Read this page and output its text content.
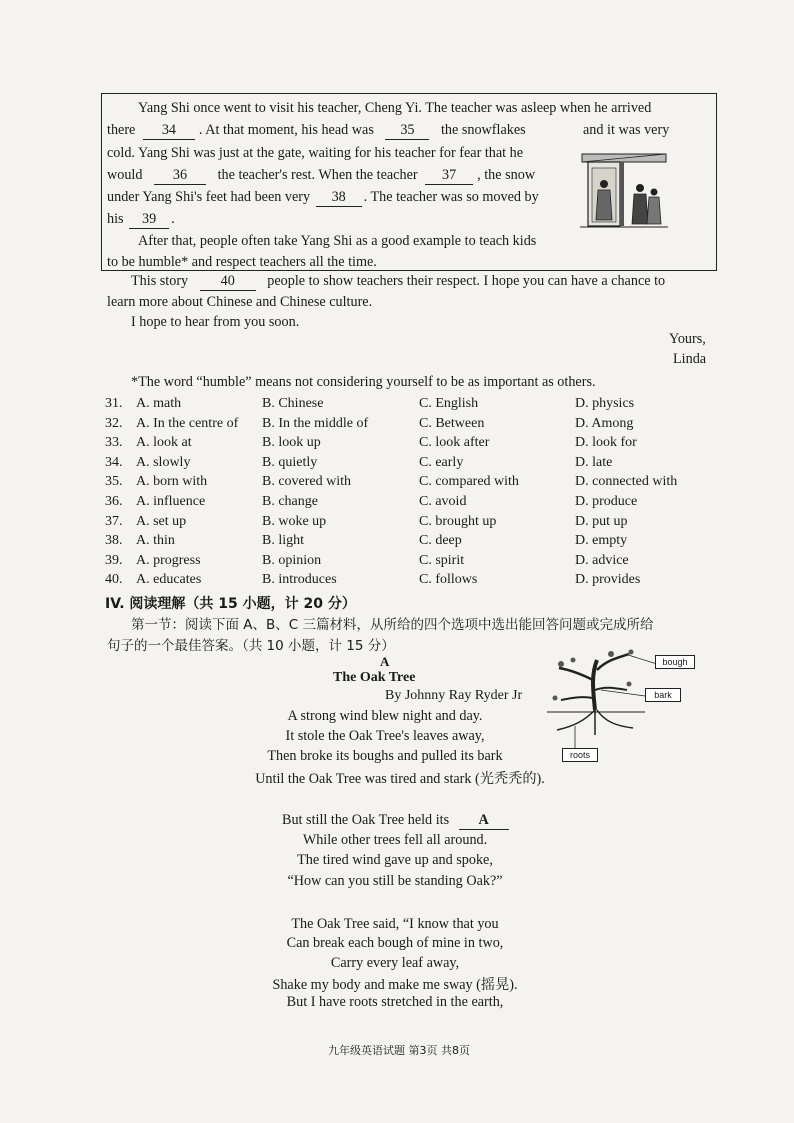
Yang Shi once went to visit his teacher, Cheng Yi. The teacher was asleep when he arrived
there 34 . At that moment, his head was 35 the snowflakes	and it was very
cold. Yang Shi was just at the gate, waiting for his teacher for fear that he
would 36 the teacher's rest. When the teacher 37 , the snow
under Yang Shi's feet had been very 38 . The teacher was so moved by
his 39 .
After that, people often take Yang Shi as a good example to teach kids
to be humble* and respect teachers all the time.
This story 40 people to show teachers their respect. I hope you can have a chance to
learn more about Chinese and Chinese culture.
I hope to hear from you soon.
Yours,
Linda
*The word “humble” means not considering yourself to be as important as others.
31. A. math	B. Chinese	C. English	D. physics
32. A. In the centre of B. In the middle of	C. Between	D. Among
33. A. look at	B. look up	C. look after	D. look for
34. A. slowly	B. quietly	C. early	D. late
35. A. born with	B. covered with	C. compared with	D. connected with
36. A. influence	B. change	C. avoid	D. produce
37. A. set up	B. woke up	C. brought up	D. put up
38. A. thin	B. light	C. deep	D. empty
39. A. progress	B. opinion	C. spirit	D. advice
40. A. educates	B. introduces	C. follows	D. provides
IV. 阅读理解（共 15 小题，计 20 分）
第一节：阅读下面 A、B、C 三篇材料，从所给的四个选项中选出能回答问题或完成所给
句子的一个最佳答案。（共 10 小题，计 15 分）
A
The Oak Tree
By Johnny Ray Ryder Jr
A strong wind blew night and day.
It stole the Oak Tree's leaves away,
Then broke its boughs and pulled its bark
Until the Oak Tree was tired and stark (光秃秃的).
But still the Oak Tree held its A
While other trees fell all around.
The tired wind gave up and spoke,
“How can you still be standing Oak?”
The Oak Tree said, “I know that you
Can break each bough of mine in two,
Carry every leaf away,
Shake my body and make me sway (摇晃).
But I have roots stretched in the earth,
bough
bark
roots
九年级英语试题 第3页 共8页
